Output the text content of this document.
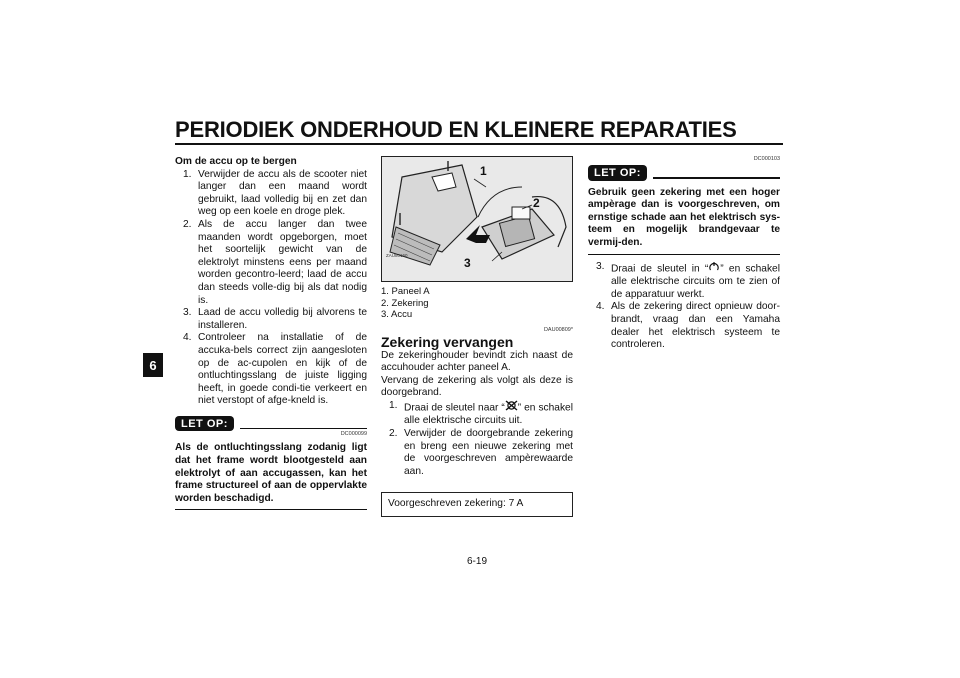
PERIODIEK ONDERHOUD EN KLEINERE REPARATIES
6
Om de accu op te bergen
1. Verwijder de accu als de scooter niet langer dan een maand wordt gebruikt, laad volledig bij en zet dan weg op een koele en droge plek.
2. Als de accu langer dan twee maanden wordt opgeborgen, moet het soortelijk gewicht van de elektrolyt minstens eens per maand worden gecontro-leerd; laad de accu dan steeds volle-dig bij als dat nodig is.
3. Laad de accu volledig bij alvorens te installeren.
4. Controleer na installatie of de accuka-bels correct zijn aangesloten op de ac-cupolen en kijk of de ontluchtingsslang de juiste ligging heeft, in goede condi-tie verkeert en niet verstopt of afge-kneld is.
LET OP:
DC000099
Als de ontluchtingsslang zodanig ligt dat het frame wordt blootgesteld aan elektrolyt of aan accugassen, kan het frame structureel of aan de oppervlakte worden beschadigd.
1
2
3
ZAU80160
1. Paneel A
2. Zekering
3. Accu
DAU00809*
Zekering vervangen
De zekeringhouder bevindt zich naast de accuhouder achter paneel A.
Vervang de zekering als volgt als deze is doorgebrand.
1. Draai de sleutel naar “ ” en schakel alle elektrische circuits uit.
2. Verwijder de doorgebrande zekering en breng een nieuwe zekering met de voorgeschreven ampèrewaarde aan.
Voorgeschreven zekering: 7 A
DC000103
LET OP:
Gebruik geen zekering met een hoger ampèrage dan is voorgeschreven, om ernstige schade aan het elektrisch sys-teem en mogelijk brandgevaar te vermij-den.
3. Draai de sleutel in “ ” en schakel alle elektrische circuits om te zien of de apparatuur werkt.
4. Als de zekering direct opnieuw door-brandt, vraag dan een Yamaha dealer het elektrisch systeem te controleren.
6-19
